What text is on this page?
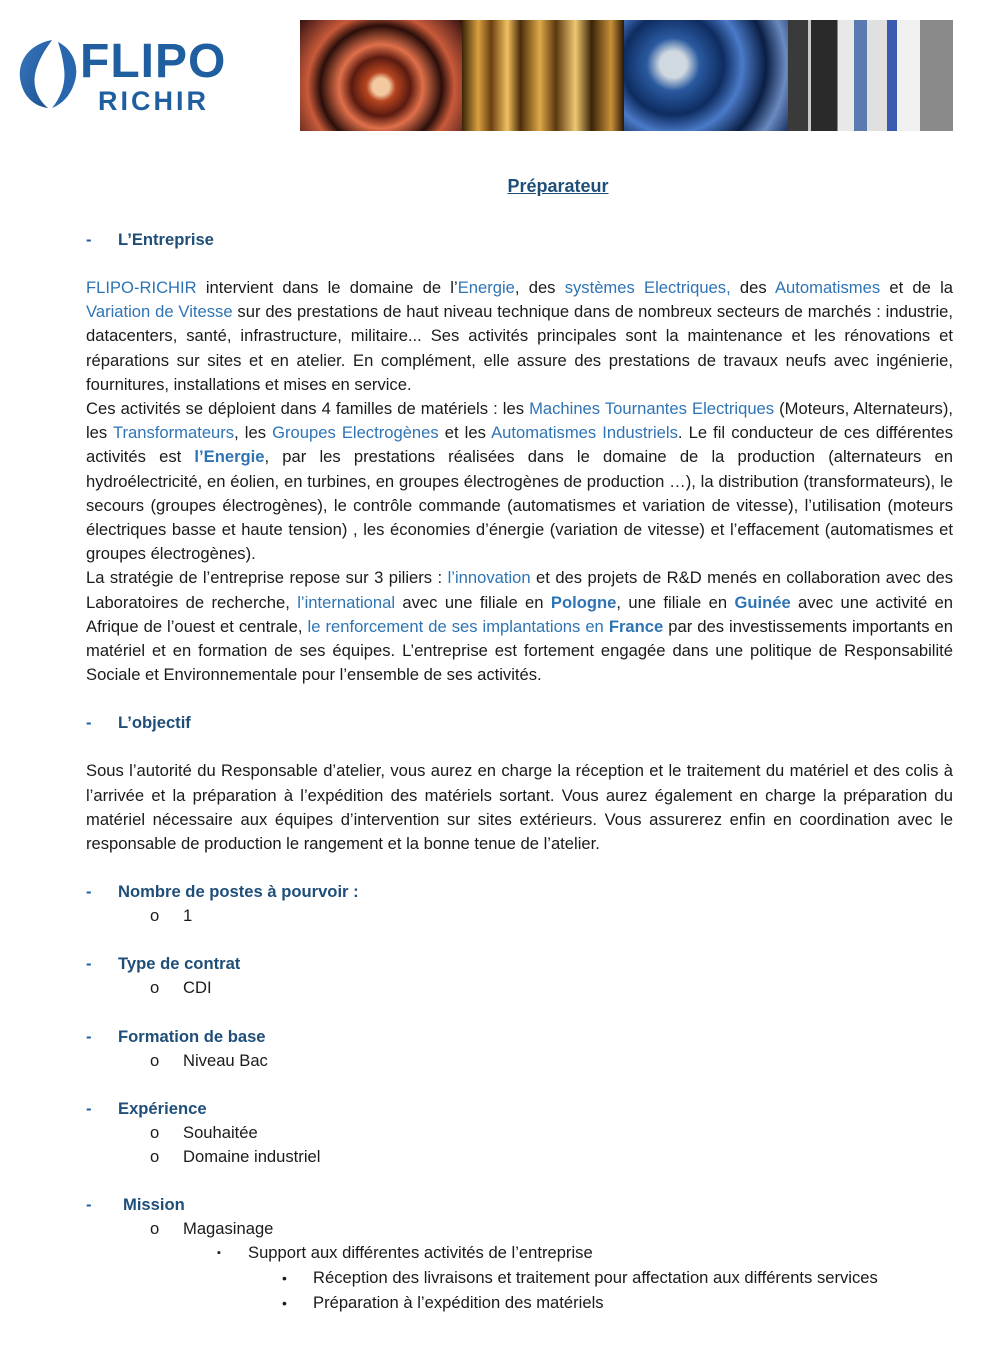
FLIPO
RICHIR
Préparateur
- L’Entreprise
FLIPO-RICHIR intervient dans le domaine de l’Energie, des systèmes Electriques, des Automatismes et de la Variation de Vitesse sur des prestations de haut niveau technique dans de nombreux secteurs de marchés : industrie, datacenters, santé, infrastructure, militaire... Ses activités principales sont la maintenance et les rénovations et réparations sur sites et en atelier. En complément, elle assure des prestations de travaux neufs avec ingénierie, fournitures, installations et mises en service.
Ces activités se déploient dans 4 familles de matériels : les Machines Tournantes Electriques (Moteurs, Alternateurs), les Transformateurs, les Groupes Electrogènes et les Automatismes Industriels. Le fil conducteur de ces différentes activités est l’Energie, par les prestations réalisées dans le domaine de la production (alternateurs en hydroélectricité, en éolien, en turbines, en groupes électrogènes de production …), la distribution (transformateurs), le secours (groupes électrogènes), le contrôle commande (automatismes et variation de vitesse), l’utilisation (moteurs électriques basse et haute tension) , les économies d’énergie (variation de vitesse) et l’effacement (automatismes et groupes électrogènes).
La stratégie de l’entreprise repose sur 3 piliers : l’innovation et des projets de R&D menés en collaboration avec des Laboratoires de recherche, l’international avec une filiale en Pologne, une filiale en Guinée avec une activité en Afrique de l’ouest et centrale, le renforcement de ses implantations en France par des investissements importants en matériel et en formation de ses équipes. L’entreprise est fortement engagée dans une politique de Responsabilité Sociale et Environnementale pour l’ensemble de ses activités.
- L’objectif
Sous l’autorité du Responsable d’atelier, vous aurez en charge la réception et le traitement du matériel et des colis à l’arrivée et la préparation à l’expédition des matériels sortant. Vous aurez également en charge la préparation du matériel nécessaire aux équipes d’intervention sur sites extérieurs. Vous assurerez enfin en coordination avec le responsable de production le rangement et la bonne tenue de l’atelier.
- Nombre de postes à pourvoir :
o 1
- Type de contrat
o CDI
- Formation de base
o Niveau Bac
- Expérience
o Souhaitée
o Domaine industriel
- Mission
o Magasinage
▪ Support aux différentes activités de l’entreprise
• Réception des livraisons et traitement pour affectation aux différents services
• Préparation à l’expédition des matériels
